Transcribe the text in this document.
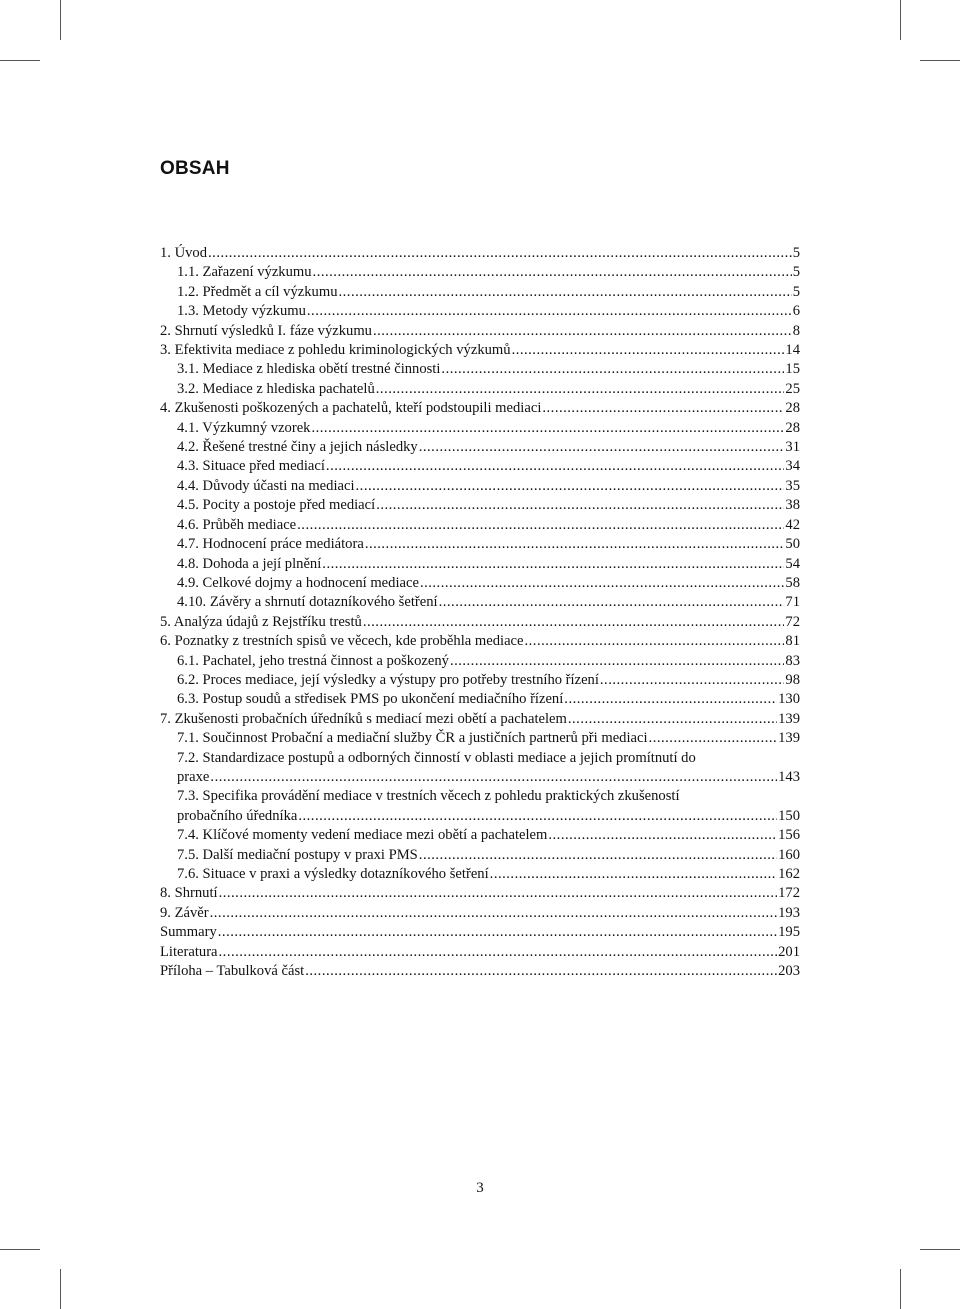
OBSAH
1. Úvod .....	5
1.1. Zařazení výzkumu .....	5
1.2. Předmět a cíl výzkumu .....	5
1.3. Metody výzkumu .....	6
2. Shrnutí výsledků I. fáze výzkumu .....	8
3. Efektivita mediace z pohledu kriminologických výzkumů .....	14
3.1. Mediace z hlediska obětí trestné činnosti .....	15
3.2. Mediace z hlediska pachatelů .....	25
4. Zkušenosti poškozených a pachatelů, kteří podstoupili mediaci .....	28
4.1. Výzkumný vzorek .....	28
4.2. Řešené trestné činy a jejich následky .....	31
4.3. Situace před mediací .....	34
4.4. Důvody účasti na mediaci .....	35
4.5. Pocity a postoje před mediací .....	38
4.6. Průběh mediace .....	42
4.7. Hodnocení práce mediátora .....	50
4.8. Dohoda a její plnění .....	54
4.9. Celkové dojmy a hodnocení mediace .....	58
4.10. Závěry a shrnutí dotazníkového šetření .....	71
5. Analýza údajů z Rejstříku trestů .....	72
6. Poznatky z trestních spisů ve věcech, kde proběhla mediace .....	81
6.1. Pachatel, jeho trestná činnost a poškozený .....	83
6.2. Proces mediace, její výsledky a výstupy pro potřeby trestního řízení .....	98
6.3. Postup soudů a středisek PMS po ukončení mediačního řízení .....	130
7. Zkušenosti probačních úředníků s mediací mezi obětí a pachatelem .....	139
7.1. Součinnost Probační a mediační služby ČR a justičních partnerů při mediaci .....	139
7.2. Standardizace postupů a odborných činností v oblasti mediace a jejich promítnutí do
praxe .....	143
7.3. Specifika provádění mediace v trestních věcech z pohledu praktických zkušeností
probačního úředníka .....	150
7.4. Klíčové momenty vedení mediace mezi obětí a pachatelem .....	156
7.5. Další mediační postupy v praxi PMS .....	160
7.6. Situace v praxi a výsledky dotazníkového šetření .....	162
8. Shrnutí .....	172
9. Závěr .....	193
Summary .....	195
Literatura .....	201
Příloha – Tabulková část .....	203
3
